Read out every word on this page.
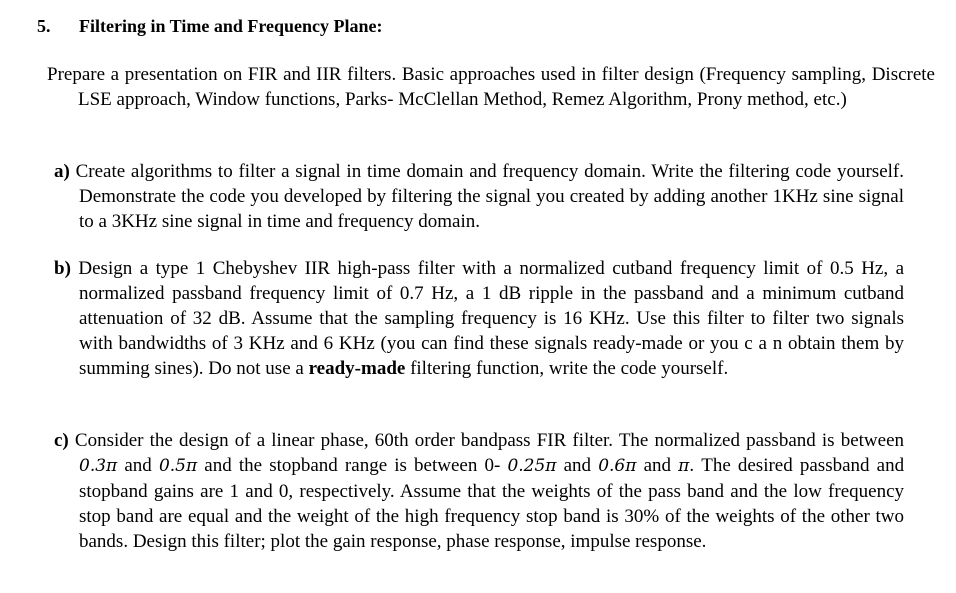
5. Filtering in Time and Frequency Plane:
Prepare a presentation on FIR and IIR filters. Basic approaches used in filter design (Frequency sampling, Discrete LSE approach, Window functions, Parks- McClellan Method, Remez Algorithm, Prony method, etc.)
a) Create algorithms to filter a signal in time domain and frequency domain. Write the filtering code yourself. Demonstrate the code you developed by filtering the signal you created by adding another 1KHz sine signal to a 3KHz sine signal in time and frequency domain.
b) Design a type 1 Chebyshev IIR high-pass filter with a normalized cutband frequency limit of 0.5 Hz, a normalized passband frequency limit of 0.7 Hz, a 1 dB ripple in the passband and a minimum cutband attenuation of 32 dB. Assume that the sampling frequency is 16 KHz. Use this filter to filter two signals with bandwidths of 3 KHz and 6 KHz (you can find these signals ready-made or you c a n obtain them by summing sines). Do not use a ready-made filtering function, write the code yourself.
c) Consider the design of a linear phase, 60th order bandpass FIR filter. The normalized passband is between 0.3π and 0.5π and the stopband range is between 0- 0.25π and 0.6π and π. The desired passband and stopband gains are 1 and 0, respectively. Assume that the weights of the pass band and the low frequency stop band are equal and the weight of the high frequency stop band is 30% of the weights of the other two bands. Design this filter; plot the gain response, phase response, impulse response.
